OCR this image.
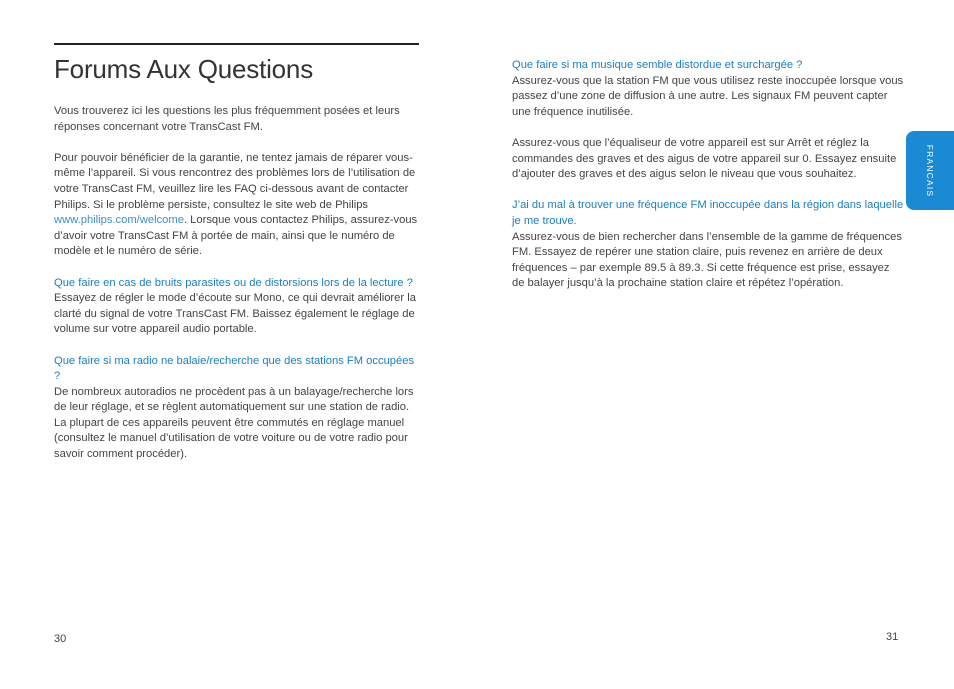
Forums Aux Questions

Vous trouverez ici les questions les plus fréquemment posées et leurs réponses concernant votre TransCast FM.

Pour pouvoir bénéficier de la garantie, ne tentez jamais de réparer vous-même l’appareil. Si vous rencontrez des problèmes lors de l’utilisation de votre TransCast FM, veuillez lire les FAQ ci-dessous avant de contacter Philips. Si le problème persiste, consultez le site web de Philips www.philips.com/welcome. Lorsque vous contactez Philips, assurez-vous d’avoir votre TransCast FM à portée de main, ainsi que le numéro de modèle et le numéro de série.

Que faire en cas de bruits parasites ou de distorsions lors de la lecture ?

Essayez de régler le mode d’écoute sur Mono, ce qui devrait améliorer la clarté du signal de votre TransCast FM. Baissez également le réglage de volume sur votre appareil audio portable.

Que faire si ma radio ne balaie/recherche que des stations FM occupées ?

De nombreux autoradios ne procèdent pas à un balayage/recherche lors de leur réglage, et se règlent automatiquement sur une station de radio. La plupart de ces appareils peuvent être commutés en réglage manuel (consultez le manuel d’utilisation de votre voiture ou de votre radio pour savoir comment procéder).

Que faire si ma musique semble distordue et surchargée ?

Assurez-vous que la station FM que vous utilisez reste inoccupée lorsque vous passez d’une zone de diffusion à une autre. Les signaux FM peuvent capter une fréquence inutilisée.

Assurez-vous que l’équaliseur de votre appareil est sur Arrêt et réglez la commandes des graves et des aigus de votre appareil sur 0. Essayez ensuite d’ajouter des graves et des aigus selon le niveau que vous souhaitez.

J’ai du mal à trouver une fréquence FM inoccupée dans la région dans laquelle je me trouve.

Assurez-vous de bien rechercher dans l’ensemble de la gamme de fréquences FM. Essayez de repérer une station claire, puis revenez en arrière de deux fréquences – par exemple 89.5 à 89.3. Si cette fréquence est prise, essayez de balayer jusqu’à la prochaine station claire et répétez l’opération.

FRANCAIS
30	31
